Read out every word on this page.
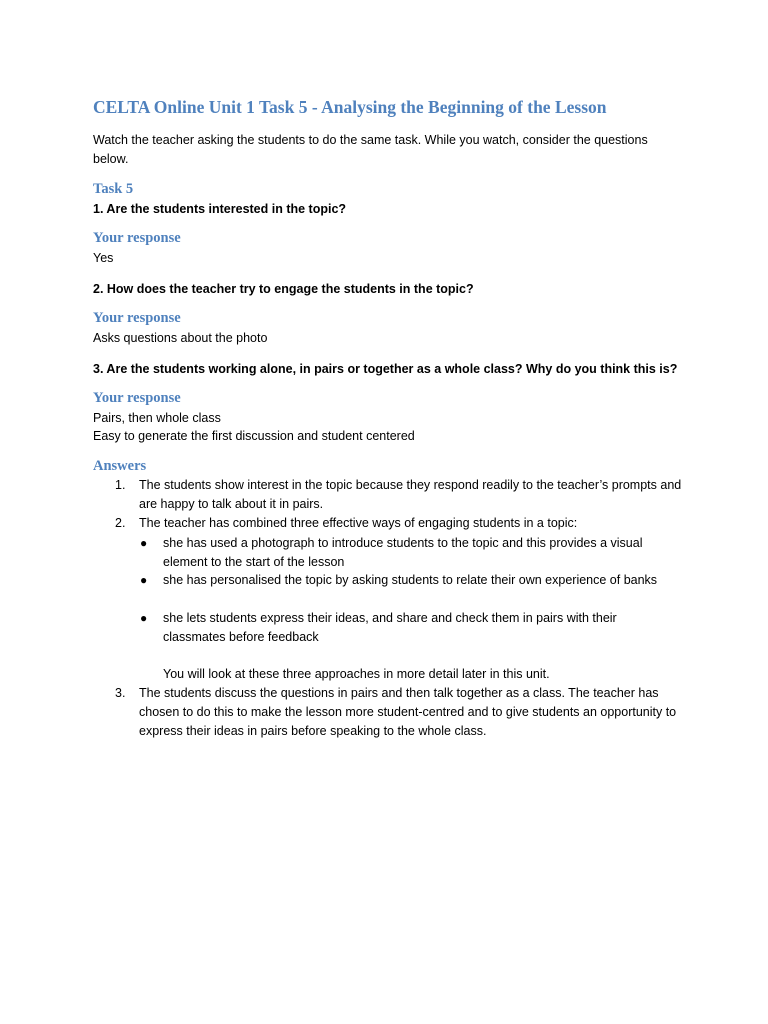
CELTA Online Unit 1 Task 5 - Analysing the Beginning of the Lesson
Watch the teacher asking the students to do the same task. While you watch, consider the questions below.
Task 5
1. Are the students interested in the topic?
Your response
Yes
2. How does the teacher try to engage the students in the topic?
Your response
Asks questions about the photo
3. Are the students working alone, in pairs or together as a whole class? Why do you think this is?
Your response
Pairs, then whole class
Easy to generate the first discussion and student centered
Answers
1. The students show interest in the topic because they respond readily to the teacher’s prompts and are happy to talk about it in pairs.
2. The teacher has combined three effective ways of engaging students in a topic:
● she has used a photograph to introduce students to the topic and this provides a visual element to the start of the lesson
● she has personalised the topic by asking students to relate their own experience of banks
● she lets students express their ideas, and share and check them in pairs with their classmates before feedback
You will look at these three approaches in more detail later in this unit.
3. The students discuss the questions in pairs and then talk together as a class. The teacher has chosen to do this to make the lesson more student-centred and to give students an opportunity to express their ideas in pairs before speaking to the whole class.
